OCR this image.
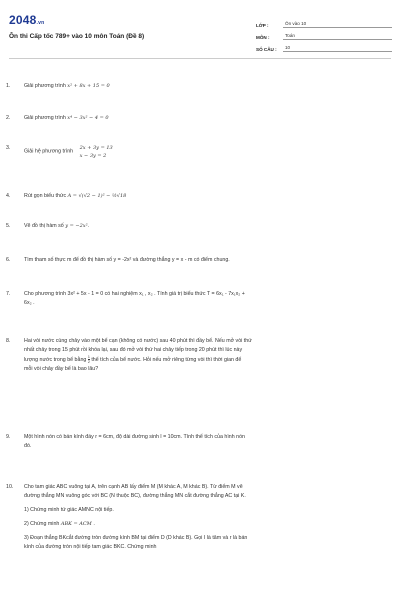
2048.vn
Ôn thi Cấp tốc 789+ vào 10 môn Toán (Đề 8)
LỚP :	Ôn vào 10
MÔN :	Toán
SỐ CÂU :	10
1.	Giải phương trình x² + 8x + 15 = 0
2.	Giải phương trình x⁴ − 3x² − 4 = 0
3.
Giải hệ phương trình
2x + 3y = 13
x − 3y = 2
4.	Rút gọn biểu thức A = √(√2 − 1)² − ½√18
5.	Vẽ đồ thị hàm số y = −2x².
6.	Tìm tham số thực m để đồ thị hàm số y = -2x² và đường thẳng y = x - m có điểm chung.
7.	Cho phương trình 3x² + 5x - 1 = 0 có hai nghiệm x₁ , x₂ . Tính giá trị biểu thức T = 6x₁ - 7x₁x₂ +
6x₂ .
8.	Hai vòi nước cùng chảy vào một bể cạn (không có nước) sau 40 phút thì đầy bể. Nếu mở vòi thứ
nhất chảy trong 15 phút rồi khóa lại, sau đó mở vòi thứ hai chảy tiếp trong 20 phút thì lúc này
lượng nước trong bể bằng $\frac{1}{2}$ thể tích của bể nước. Hỏi nếu mở riêng từng vòi thì thời gian để
mỗi vòi chảy đầy bể là bao lâu?
9.	Một hình nón có bán kính đáy r = 6cm, độ dài đường sinh l = 10cm. Tính thể tích của hình nón
đó.
10. Cho tam giác ABC vuông tại A, trên cạnh AB lấy điểm M (M khác A, M khác B). Từ điểm M vẽ
đường thẳng MN vuông góc với BC (N thuộc BC), đường thẳng MN cắt đường thẳng AC tại K.
1) Chứng minh tứ giác AMNC nội tiếp.
2) Chứng minh ABK = ACM .
3) Đoạn thẳng BKcắt đường tròn đường kính BM tại điểm D (D khác B). Gọi I là tâm và r là bán
kính của đường tròn nội tiếp tam giác BKC. Chứng minh
